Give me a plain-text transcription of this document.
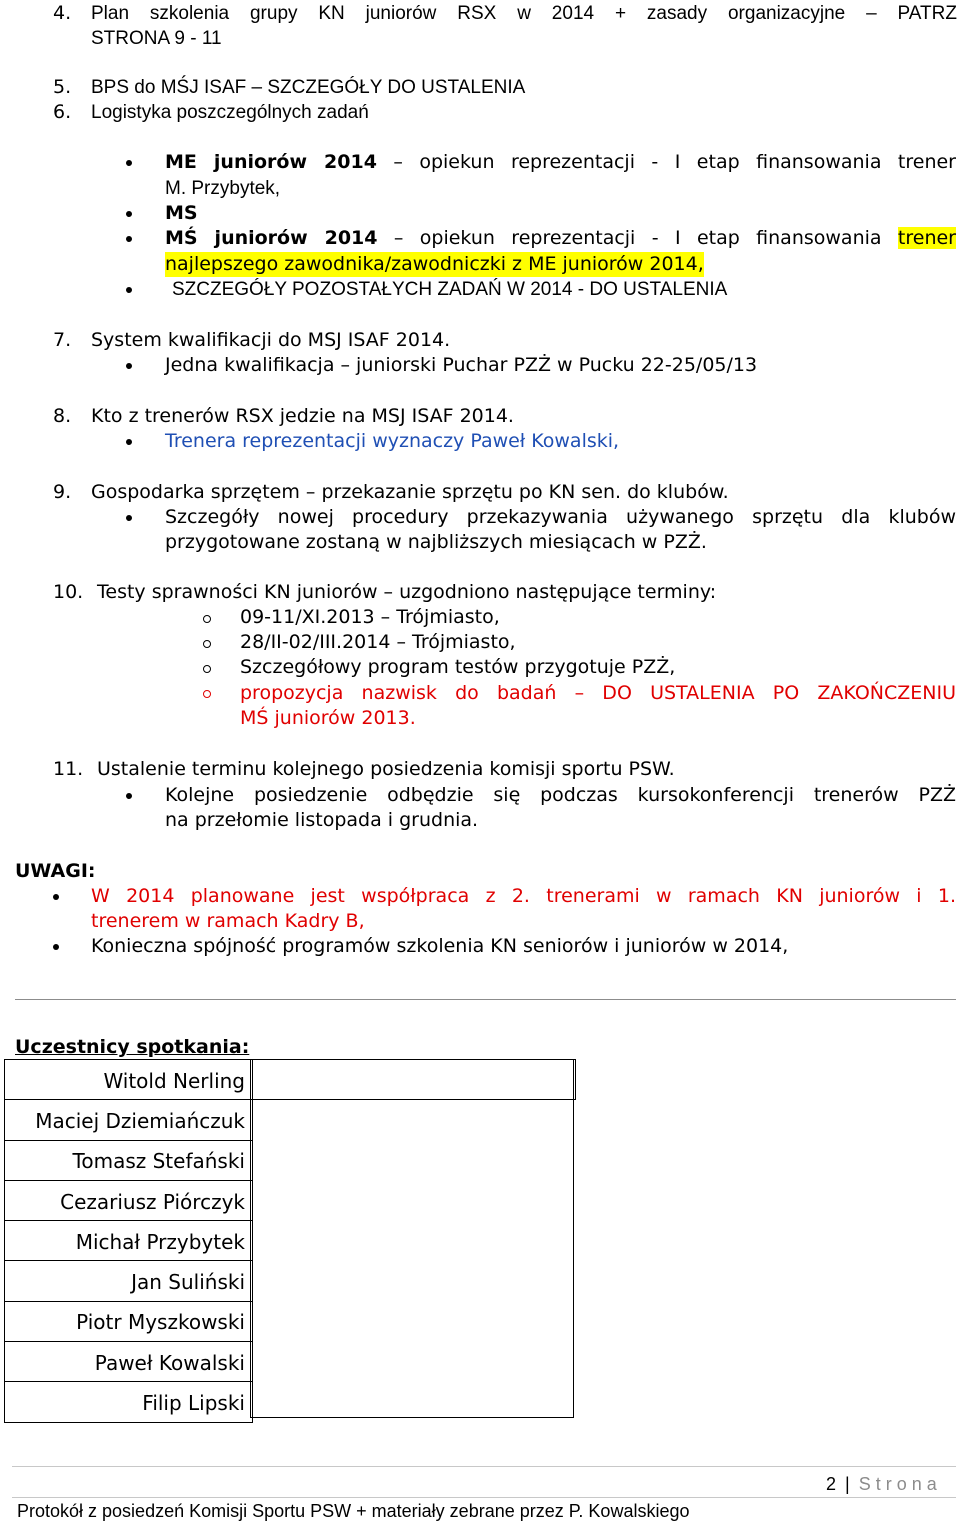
4. Plan szkolenia grupy KN juniorów RSX w 2014 + zasady organizacyjne – PATRZ
STRONA 9 - 11
5. BPS do MŚJ ISAF – SZCZEGÓŁY DO USTALENIA
6. Logistyka poszczególnych zadań
ME juniorów 2014 – opiekun reprezentacji - I etap finansowania trener
M. Przybytek,
MS
MŚ juniorów 2014 – opiekun reprezentacji - I etap finansowania trener
najlepszego zawodnika/zawodniczki z ME juniorów 2014,
SZCZEGÓŁY POZOSTAŁYCH ZADAŃ W 2014 - DO USTALENIA
7. System kwalifikacji do MSJ ISAF 2014.
Jedna kwalifikacja – juniorski Puchar PZŻ w Pucku 22-25/05/13
8. Kto z trenerów RSX jedzie na MSJ ISAF 2014.
Trenera reprezentacji wyznaczy Paweł Kowalski,
9. Gospodarka sprzętem – przekazanie sprzętu po KN sen. do klubów.
Szczegóły nowej procedury przekazywania używanego sprzętu dla klubów
przygotowane zostaną w najbliższych miesiącach w PZŻ.
10. Testy sprawności KN juniorów – uzgodniono następujące terminy:
09-11/XI.2013 – Trójmiasto,
28/II-02/III.2014 – Trójmiasto,
Szczegółowy program testów przygotuje PZŻ,
propozycja nazwisk do badań – DO USTALENIA PO ZAKOŃCZENIU
MŚ juniorów 2013.
11. Ustalenie terminu kolejnego posiedzenia komisji sportu PSW.
Kolejne posiedzenie odbędzie się podczas kursokonferencji trenerów PZŻ
na przełomie listopada i grudnia.
UWAGI:
W 2014 planowane jest współpraca z 2. trenerami w ramach KN juniorów i 1.
trenerem w ramach Kadry B,
Konieczna spójność programów szkolenia KN seniorów i juniorów w 2014,
Uczestnicy spotkania:
Witold Nerling	
Maciej Dziemiańczuk	
Tomasz Stefański	
Cezariusz Piórczyk	
Michał Przybytek	
Jan Suliński	
Piotr Myszkowski	
Paweł Kowalski	
Filip Lipski	
2 | S t r o n a
Protokół z posiedzeń Komisji Sportu PSW + materiały zebrane przez P. Kowalskiego
